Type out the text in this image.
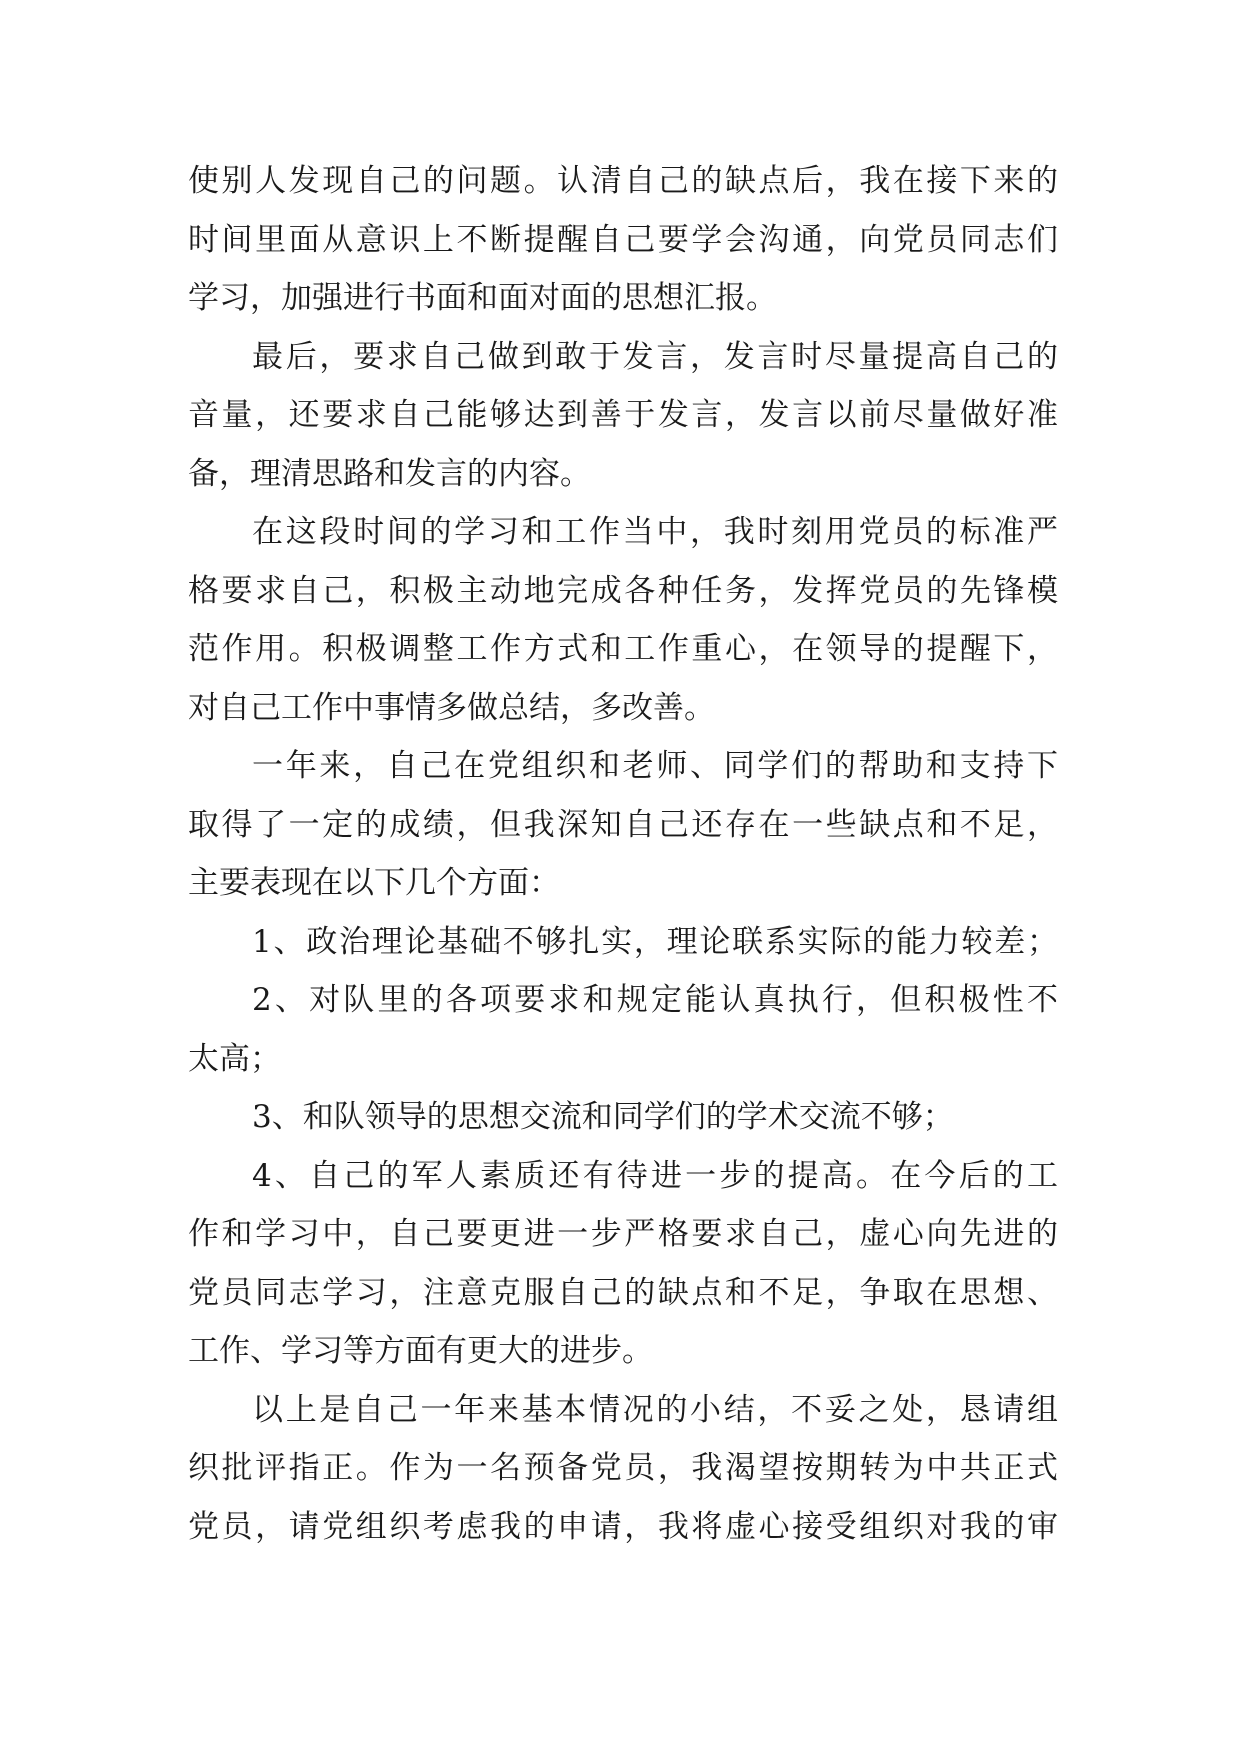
使别人发现自己的问题。认清自己的缺点后，我在接下来的
时间里面从意识上不断提醒自己要学会沟通，向党员同志们
学习，加强进行书面和面对面的思想汇报。
最后，要求自己做到敢于发言，发言时尽量提高自己的
音量，还要求自己能够达到善于发言，发言以前尽量做好准
备，理清思路和发言的内容。
在这段时间的学习和工作当中，我时刻用党员的标准严
格要求自己，积极主动地完成各种任务，发挥党员的先锋模
范作用。积极调整工作方式和工作重心，在领导的提醒下，
对自己工作中事情多做总结，多改善。
一年来，自己在党组织和老师、同学们的帮助和支持下
取得了一定的成绩，但我深知自己还存在一些缺点和不足，
主要表现在以下几个方面：
1、政治理论基础不够扎实，理论联系实际的能力较差；
2、对队里的各项要求和规定能认真执行，但积极性不
太高；
3、和队领导的思想交流和同学们的学术交流不够；
4、自己的军人素质还有待进一步的提高。在今后的工
作和学习中，自己要更进一步严格要求自己，虚心向先进的
党员同志学习，注意克服自己的缺点和不足，争取在思想、
工作、学习等方面有更大的进步。
以上是自己一年来基本情况的小结，不妥之处，恳请组
织批评指正。作为一名预备党员，我渴望按期转为中共正式
党员，请党组织考虑我的申请，我将虚心接受组织对我的审
